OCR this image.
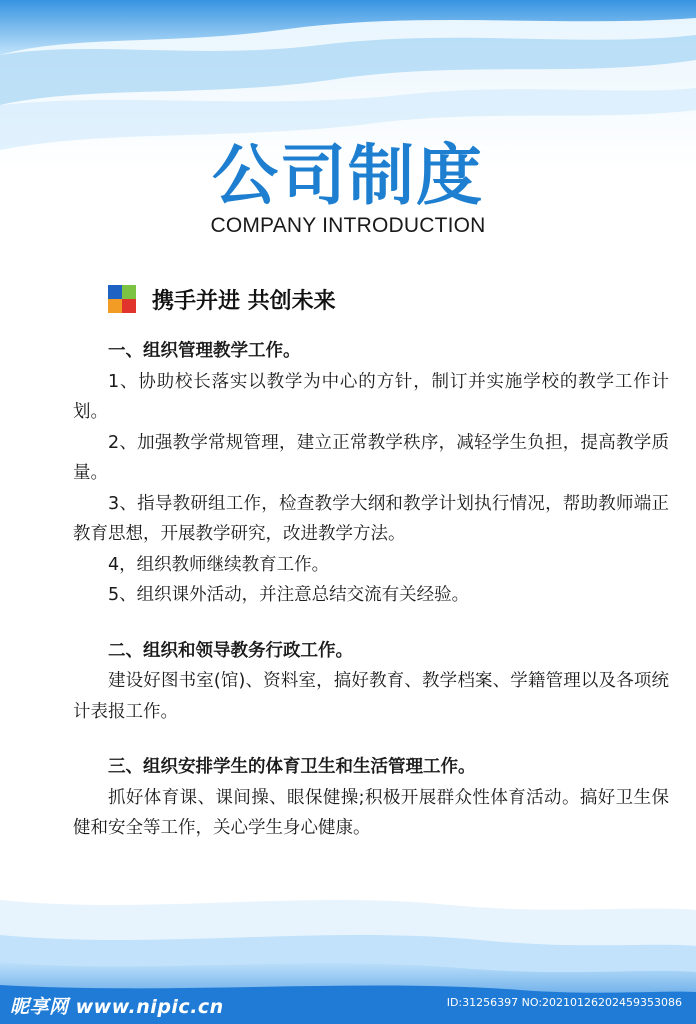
公司制度
COMPANY INTRODUCTION
携手并进 共创未来
一、组织管理教学工作。
1、协助校长落实以教学为中心的方针，制订并实施学校的教学工作计划。
2、加强教学常规管理，建立正常教学秩序，减轻学生负担，提高教学质量。
3、指导教研组工作，检查教学大纲和教学计划执行情况，帮助教师端正教育思想，开展教学研究，改进教学方法。
4，组织教师继续教育工作。
5、组织课外活动，并注意总结交流有关经验。
二、组织和领导教务行政工作。
建设好图书室(馆)、资料室，搞好教育、教学档案、学籍管理以及各项统计表报工作。
三、组织安排学生的体育卫生和生活管理工作。
抓好体育课、课间操、眼保健操;积极开展群众性体育活动。搞好卫生保健和安全等工作，关心学生身心健康。
昵享网 www.nipic.cn	ID:31256397 NO:20210126202459353086
